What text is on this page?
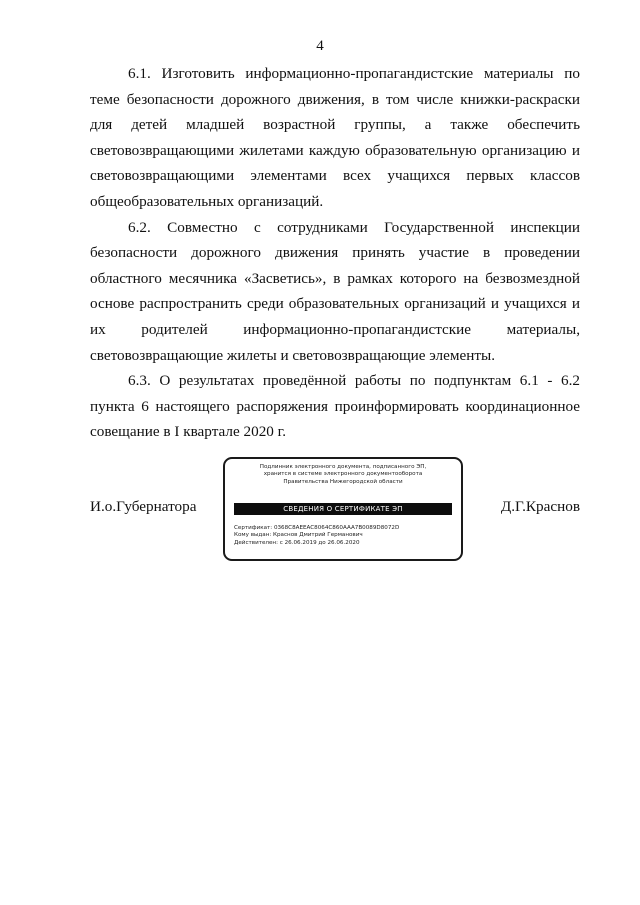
4

6.1. Изготовить информационно-пропагандистские материалы по теме безопасности дорожного движения, в том числе книжки-раскраски для детей младшей возрастной группы, а также обеспечить световозвращающими жилетами каждую образовательную организацию и световозвращающими элементами всех учащихся первых классов общеобразовательных организаций.

6.2. Совместно с сотрудниками Государственной инспекции безопасности дорожного движения принять участие в проведении областного месячника «Засветись», в рамках которого на безвозмездной основе распространить среди образовательных организаций и учащихся и их родителей информационно-пропагандистские материалы, световозвращающие жилеты и световозвращающие элементы.

6.3. О результатах проведённой работы по подпунктам 6.1 - 6.2 пункта 6 настоящего распоряжения проинформировать координационное совещание в I квартале 2020 г.

И.о.Губернатора
Подлинник электронного документа, подписанного ЭП,
хранится в системе электронного документооборота
Правительства Нижегородской области
СВЕДЕНИЯ О СЕРТИФИКАТЕ ЭП
Сертификат: 0368C8AEEAC8064C860AAA7B0089D8072D
Кому выдан: Краснов Дмитрий Германович
Действителен: с 26.06.2019 до 26.06.2020
Д.Г.Краснов
